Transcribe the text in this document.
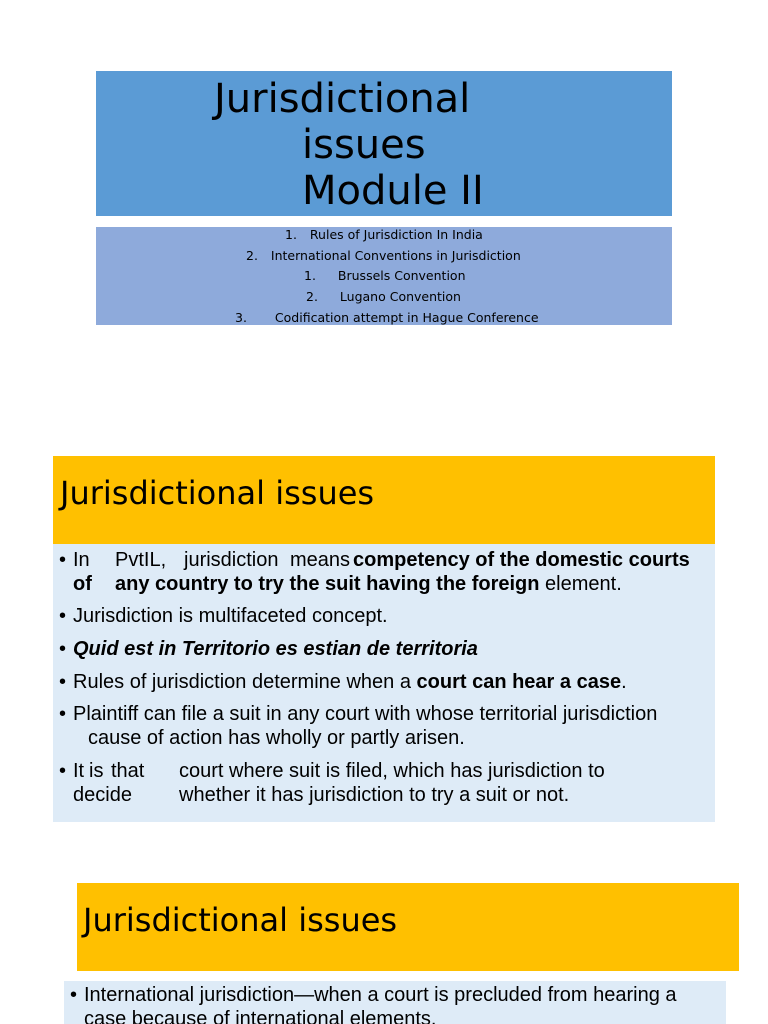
Jurisdictional
issues
Module II
1. Rules of Jurisdiction In India
2. International Conventions in Jurisdiction
1. Brussels Convention
2. Lugano Convention
3. Codification attempt in Hague Conference
Jurisdictional issues
• In PvtIL, jurisdiction means competency of the domestic courts
of any country to try the suit having the foreign element.
• Jurisdiction is multifaceted concept.
• Quid est in Territorio es estian de territoria
• Rules of jurisdiction determine when a court can hear a case.
• Plaintiff can file a suit in any court with whose territorial jurisdiction
cause of action has wholly or partly arisen.
• It is that
decide
court where suit is filed, which has jurisdiction to
whether it has jurisdiction to try a suit or not.
Jurisdictional issues
• International jurisdiction—when a court is precluded from hearing a
case because of international elements.
